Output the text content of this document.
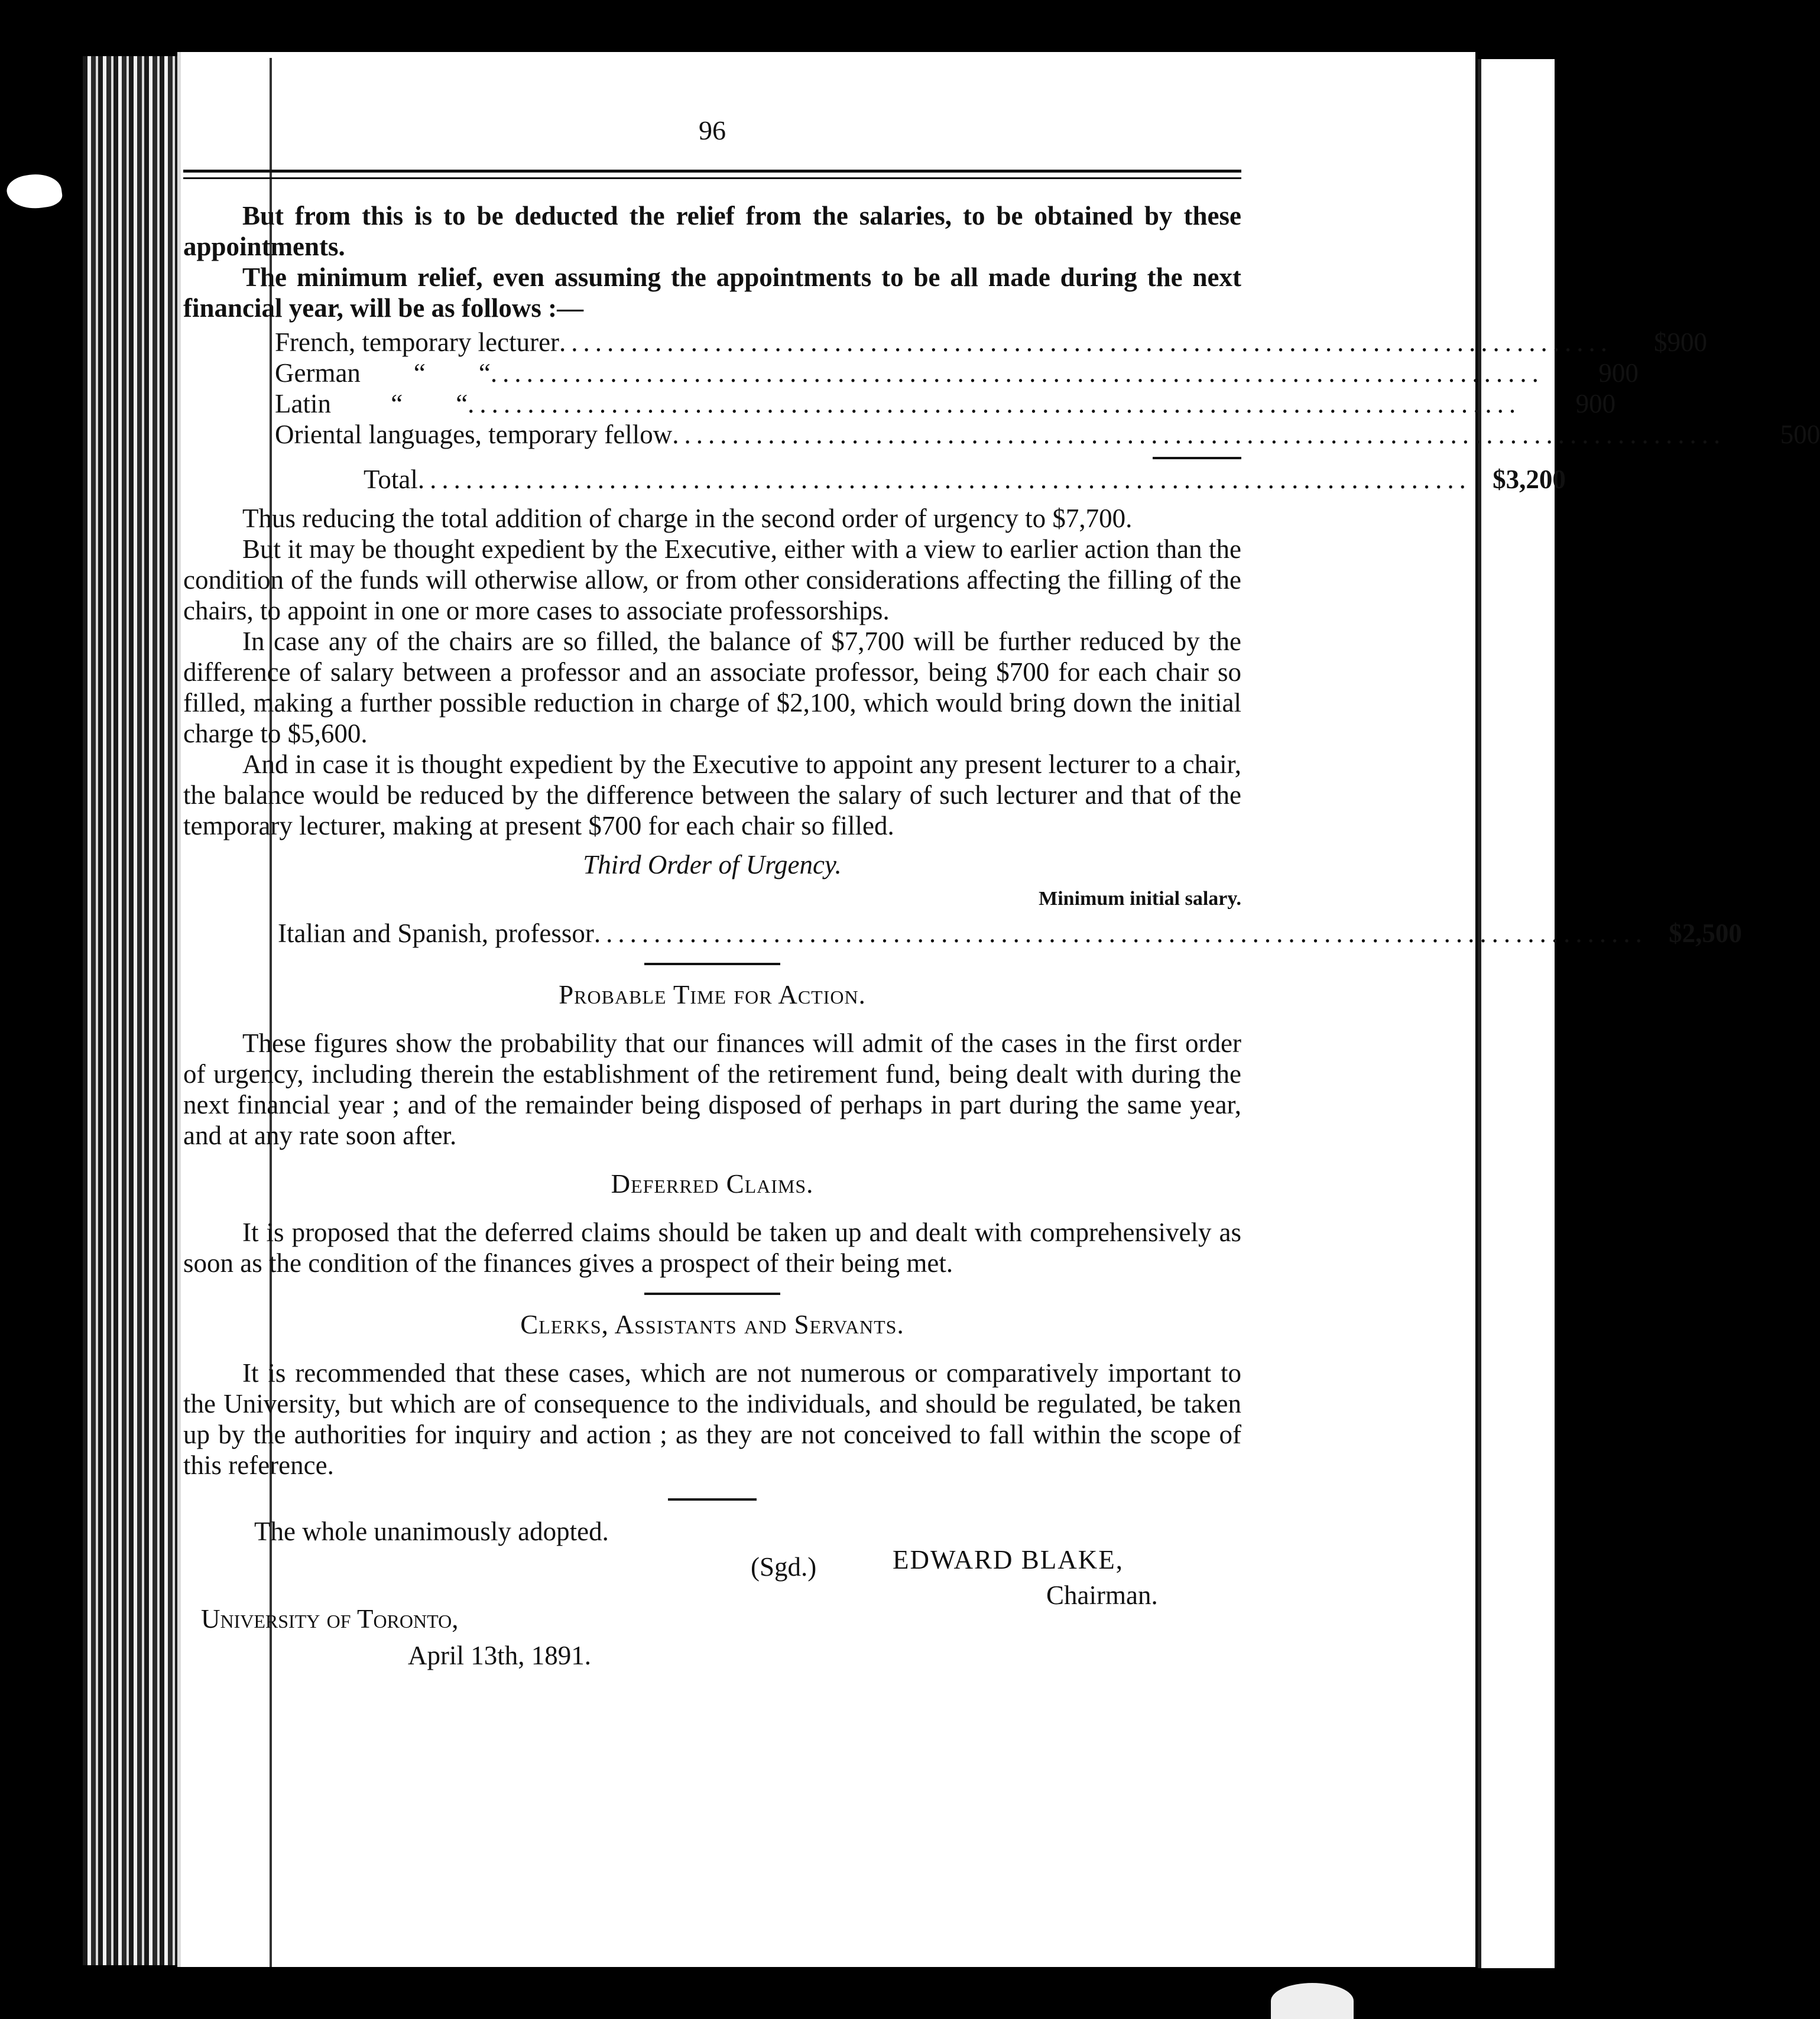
96

But from this is to be deducted the relief from the salaries, to be obtained by these appointments.

The minimum relief, even assuming the appointments to be all made during the next financial year, will be as follows :—

French, temporary lecturer ........................................................................................	$900
German        “        “ ........................................................................................	900
Latin         “        “ ........................................................................................	900
Oriental languages, temporary fellow ........................................................................................	500
Total ........................................................................................ $3,200

Thus reducing the total addition of charge in the second order of urgency to $7,700.

But it may be thought expedient by the Executive, either with a view to earlier action than the condition of the funds will otherwise allow, or from other considerations affecting the filling of the chairs, to appoint in one or more cases to associate professorships.

In case any of the chairs are so filled, the balance of $7,700 will be further reduced by the difference of salary between a professor and an associate professor, being $700 for each chair so filled, making a further possible reduction in charge of $2,100, which would bring down the initial charge to $5,600.

And in case it is thought expedient by the Executive to appoint any present lecturer to a chair, the balance would be reduced by the difference between the salary of such lecturer and that of the temporary lecturer, making at present $700 for each chair so filled.

Third Order of Urgency.
Minimum initial salary.
Italian and Spanish, professor ........................................................................................ $2,500
Probable Time for Action.

These figures show the probability that our finances will admit of the cases in the first order of urgency, including therein the establishment of the retirement fund, being dealt with during the next financial year ; and of the remainder being disposed of perhaps in part during the same year, and at any rate soon after.

Deferred Claims.

It is proposed that the deferred claims should be taken up and dealt with comprehensively as soon as the condition of the finances gives a prospect of their being met.

Clerks, Assistants and Servants.

It is recommended that these cases, which are not numerous or comparatively important to the University, but which are of consequence to the individuals, and should be regulated, be taken up by the authorities for inquiry and action ; as they are not conceived to fall within the scope of this reference.

The whole unanimously adopted.
(Sgd.)	EDWARD BLAKE,
Chairman.
University of Toronto,
April 13th, 1891.
